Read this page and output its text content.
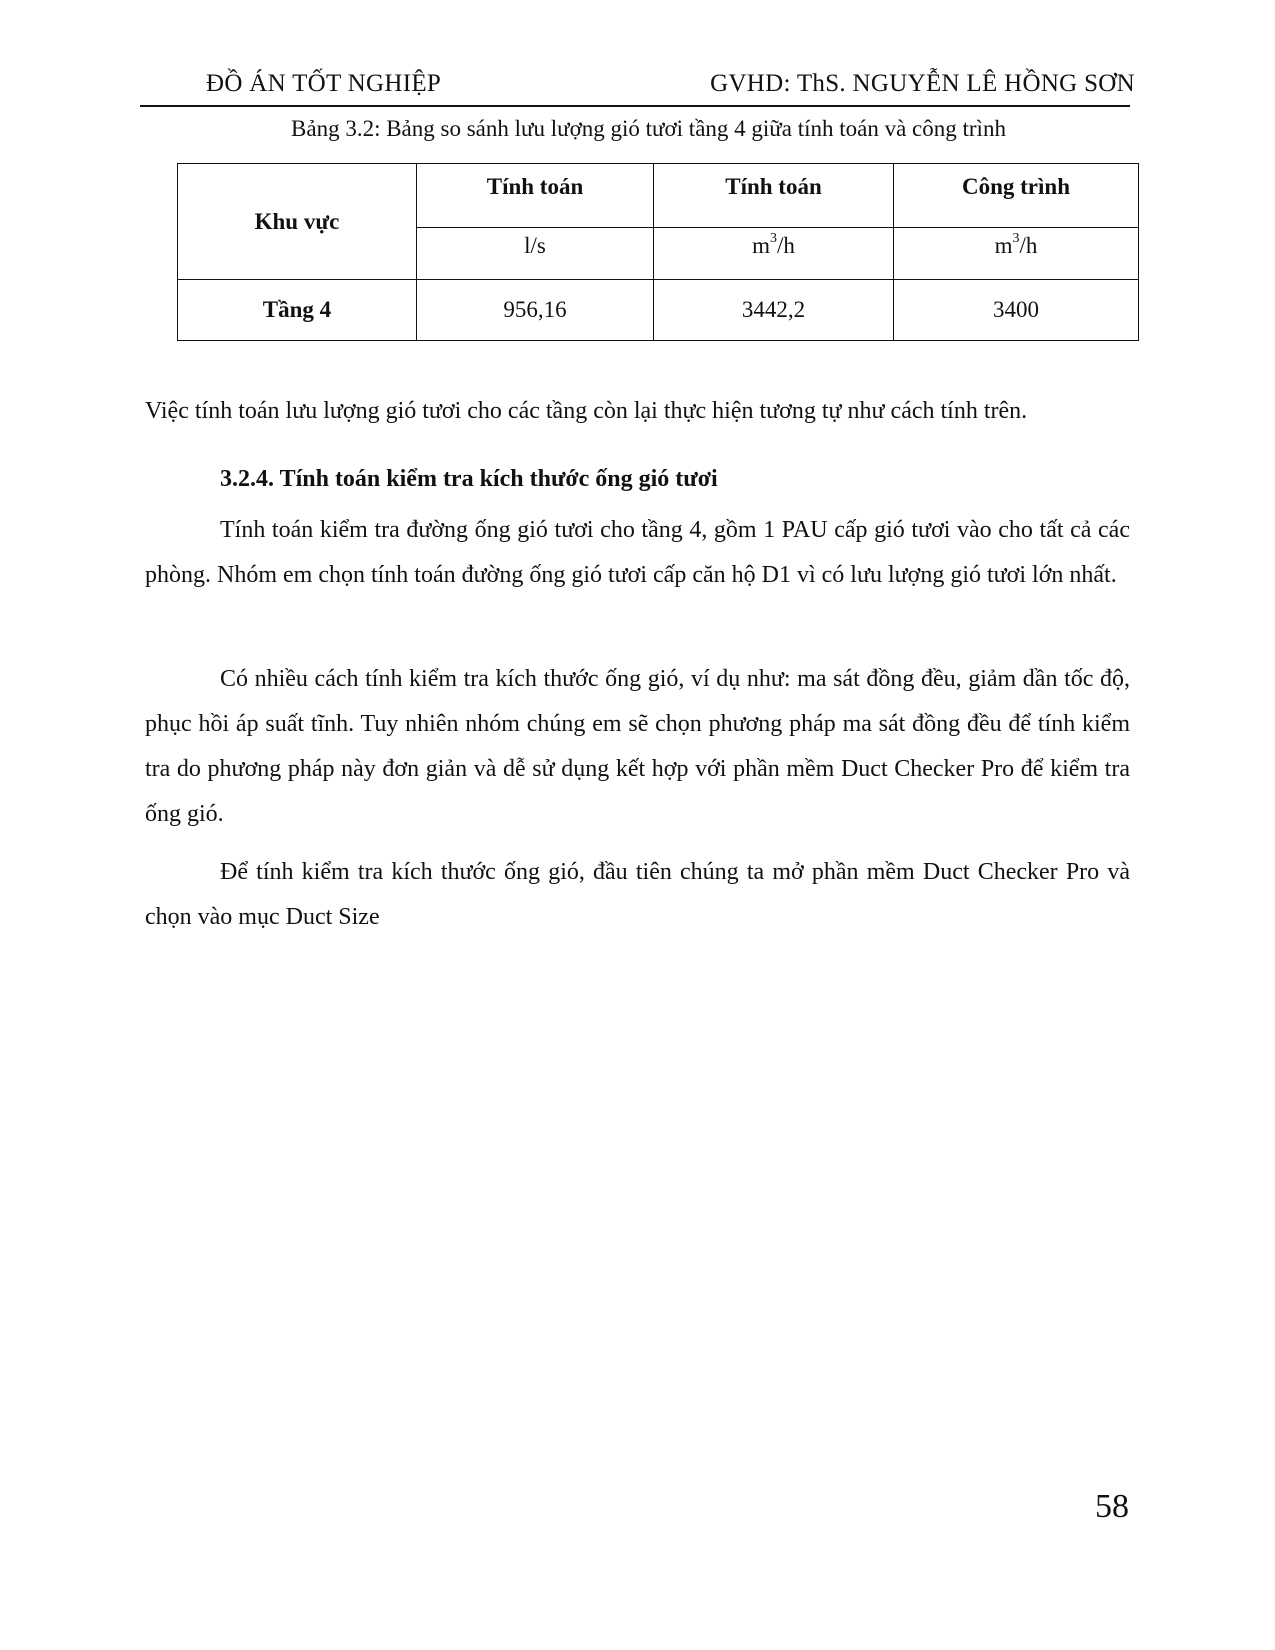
ĐỒ ÁN TỐT NGHIỆP	GVHD: ThS. NGUYỄN LÊ HỒNG SƠN
Bảng 3.2: Bảng so sánh lưu lượng gió tươi tầng 4 giữa tính toán và công trình
Khu vực	Tính toán	Tính toán	Công trình
	l/s	$m^3/h$	$m^3/h$
Tầng 4	956,16	3442,2	3400
Việc tính toán lưu lượng gió tươi cho các tầng còn lại thực hiện tương tự như cách tính trên.
3.2.4. Tính toán kiểm tra kích thước ống gió tươi
Tính toán kiểm tra đường ống gió tươi cho tầng 4, gồm 1 PAU cấp gió tươi vào cho tất cả các phòng. Nhóm em chọn tính toán đường ống gió tươi cấp căn hộ D1 vì có lưu lượng gió tươi lớn nhất.
Có nhiều cách tính kiểm tra kích thước ống gió, ví dụ như: ma sát đồng đều, giảm dần tốc độ, phục hồi áp suất tĩnh. Tuy nhiên nhóm chúng em sẽ chọn phương pháp ma sát đồng đều để tính kiểm tra do phương pháp này đơn giản và dễ sử dụng kết hợp với phần mềm Duct Checker Pro để kiểm tra ống gió.
Để tính kiểm tra kích thước ống gió, đầu tiên chúng ta mở phần mềm Duct Checker Pro và chọn vào mục Duct Size
58
